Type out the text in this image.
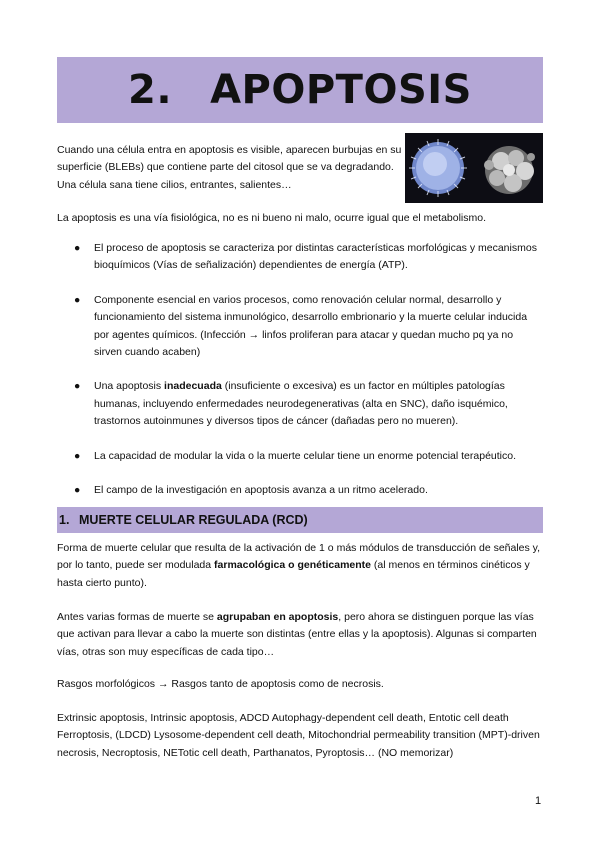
2. APOPTOSIS

Cuando una célula entra en apoptosis es visible, aparecen burbujas en su superficie (BLEBs) que contiene parte del citosol que se va degradando. Una célula sana tiene cilios, entrantes, salientes…

La apoptosis es una vía fisiológica, no es ni bueno ni malo, ocurre igual que el metabolismo.

● El proceso de apoptosis se caracteriza por distintas características morfológicas y mecanismos bioquímicos (Vías de señalización) dependientes de energía (ATP).
● Componente esencial en varios procesos, como renovación celular normal, desarrollo y funcionamiento del sistema inmunológico, desarrollo embrionario y la muerte celular inducida por agentes químicos. (Infección → linfos proliferan para atacar y quedan mucho pq ya no sirven cuando acaben)
● Una apoptosis inadecuada (insuficiente o excesiva) es un factor en múltiples patologías humanas, incluyendo enfermedades neurodegenerativas (alta en SNC), daño isquémico, trastornos autoinmunes y diversos tipos de cáncer (dañadas pero no mueren).
● La capacidad de modular la vida o la muerte celular tiene un enorme potencial terapéutico.
● El campo de la investigación en apoptosis avanza a un ritmo acelerado.
1. MUERTE CELULAR REGULADA (RCD)

Forma de muerte celular que resulta de la activación de 1 o más módulos de transducción de señales y, por lo tanto, puede ser modulada farmacológica o genéticamente (al menos en términos cinéticos y hasta cierto punto).

Antes varias formas de muerte se agrupaban en apoptosis, pero ahora se distinguen porque las vías que activan para llevar a cabo la muerte son distintas (entre ellas y la apoptosis). Algunas si comparten vías, otras son muy específicas de cada tipo…

Rasgos morfológicos → Rasgos tanto de apoptosis como de necrosis.

Extrinsic apoptosis, Intrinsic apoptosis, ADCD Autophagy-dependent cell death, Entotic cell death Ferroptosis, (LDCD) Lysosome-dependent cell death, Mitochondrial permeability transition (MPT)-driven necrosis, Necroptosis, NETotic cell death, Parthanatos, Pyroptosis… (NO memorizar)

1
